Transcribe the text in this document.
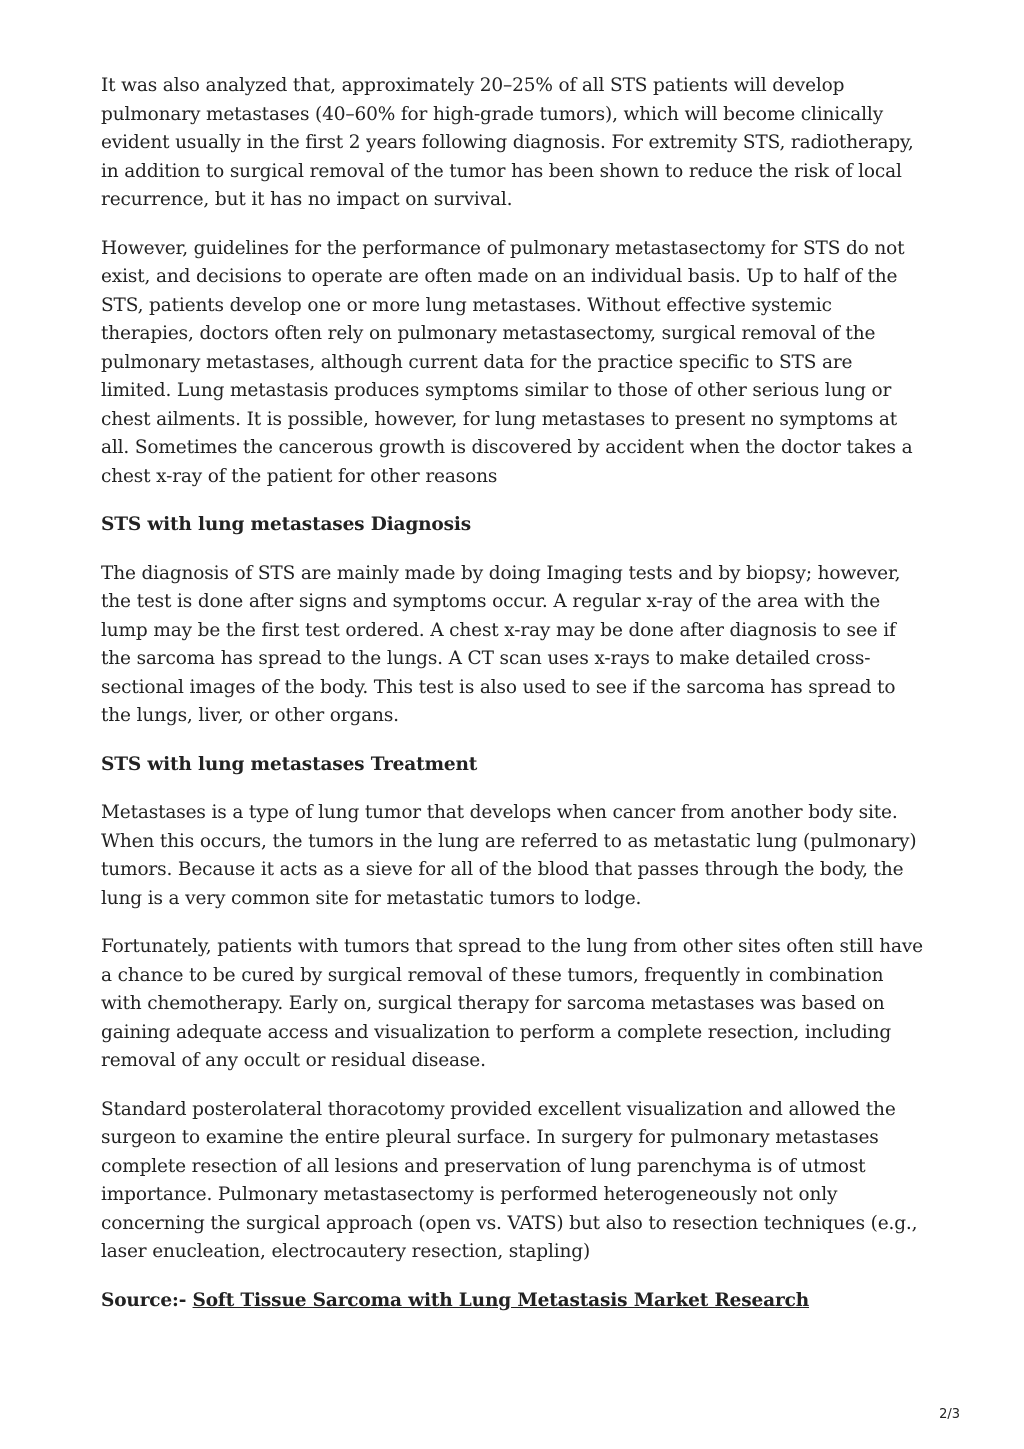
It was also analyzed that, approximately 20–25% of all STS patients will develop pulmonary metastases (40–60% for high-grade tumors), which will become clinically evident usually in the first 2 years following diagnosis. For extremity STS, radiotherapy, in addition to surgical removal of the tumor has been shown to reduce the risk of local recurrence, but it has no impact on survival.

However, guidelines for the performance of pulmonary metastasectomy for STS do not exist, and decisions to operate are often made on an individual basis. Up to half of the STS, patients develop one or more lung metastases. Without effective systemic therapies, doctors often rely on pulmonary metastasectomy, surgical removal of the pulmonary metastases, although current data for the practice specific to STS are limited. Lung metastasis produces symptoms similar to those of other serious lung or chest ailments. It is possible, however, for lung metastases to present no symptoms at all. Sometimes the cancerous growth is discovered by accident when the doctor takes a chest x-ray of the patient for other reasons

STS with lung metastases Diagnosis

The diagnosis of STS are mainly made by doing Imaging tests and by biopsy; however, the test is done after signs and symptoms occur. A regular x-ray of the area with the lump may be the first test ordered. A chest x-ray may be done after diagnosis to see if the sarcoma has spread to the lungs. A CT scan uses x-rays to make detailed cross-sectional images of the body. This test is also used to see if the sarcoma has spread to the lungs, liver, or other organs.

STS with lung metastases Treatment

Metastases is a type of lung tumor that develops when cancer from another body site. When this occurs, the tumors in the lung are referred to as metastatic lung (pulmonary) tumors. Because it acts as a sieve for all of the blood that passes through the body, the lung is a very common site for metastatic tumors to lodge.

Fortunately, patients with tumors that spread to the lung from other sites often still have a chance to be cured by surgical removal of these tumors, frequently in combination with chemotherapy. Early on, surgical therapy for sarcoma metastases was based on gaining adequate access and visualization to perform a complete resection, including removal of any occult or residual disease.

Standard posterolateral thoracotomy provided excellent visualization and allowed the surgeon to examine the entire pleural surface. In surgery for pulmonary metastases complete resection of all lesions and preservation of lung parenchyma is of utmost importance. Pulmonary metastasectomy is performed heterogeneously not only concerning the surgical approach (open vs. VATS) but also to resection techniques (e.g., laser enucleation, electrocautery resection, stapling)

Source:- Soft Tissue Sarcoma with Lung Metastasis Market Research

2/3
